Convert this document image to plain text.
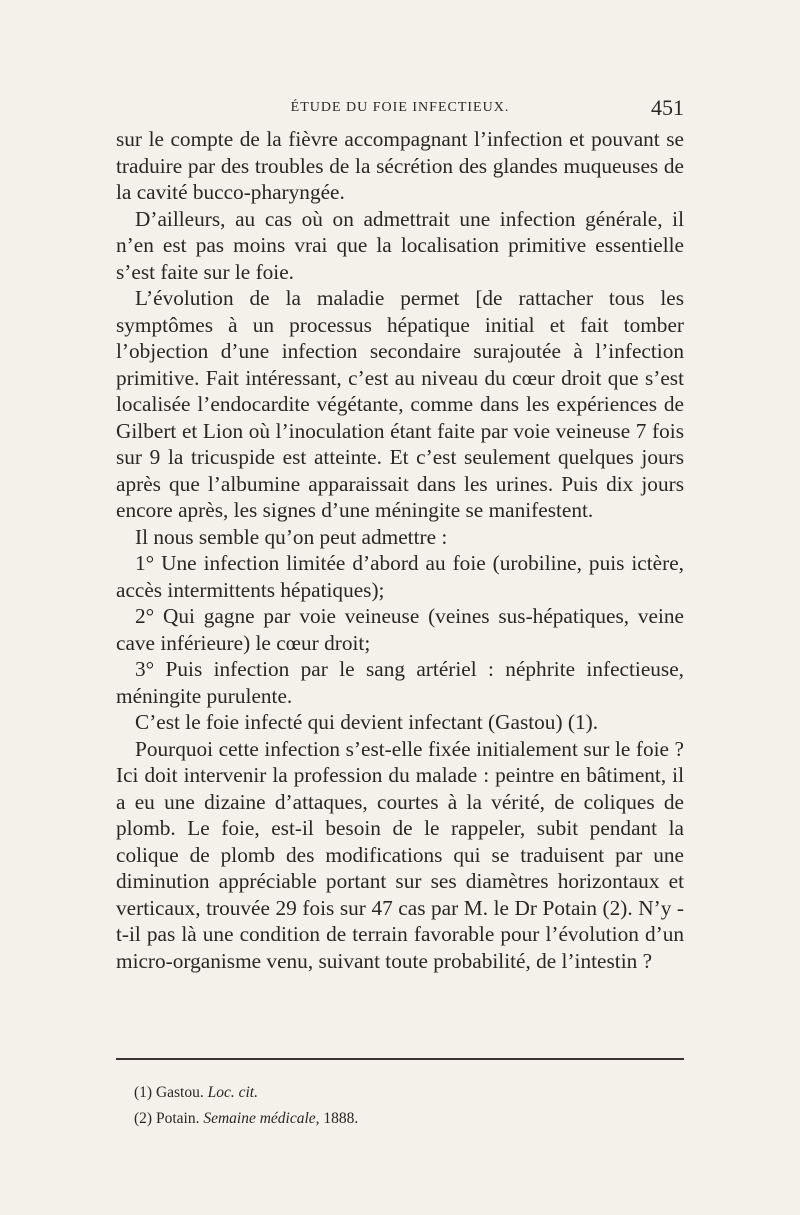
ÉTUDE DU FOIE INFECTIEUX.	451

sur le compte de la fièvre accompagnant l’infection et pouvant se traduire par des troubles de la sécrétion des glandes muqueuses de la cavité bucco-pharyngée.

D’ailleurs, au cas où on admettrait une infection générale, il n’en est pas moins vrai que la localisation primitive essentielle s’est faite sur le foie.

L’évolution de la maladie permet [de rattacher tous les symptômes à un processus hépatique initial et fait tomber l’objection d’une infection secondaire surajoutée à l’infection primitive. Fait intéressant, c’est au niveau du cœur droit que s’est localisée l’endocardite végétante, comme dans les expériences de Gilbert et Lion où l’inoculation étant faite par voie veineuse 7 fois sur 9 la tricuspide est atteinte. Et c’est seulement quelques jours après que l’albumine apparaissait dans les urines. Puis dix jours encore après, les signes d’une méningite se manifestent.

Il nous semble qu’on peut admettre :

1° Une infection limitée d’abord au foie (urobiline, puis ictère, accès intermittents hépatiques);

2° Qui gagne par voie veineuse (veines sus-hépatiques, veine cave inférieure) le cœur droit;

3° Puis infection par le sang artériel : néphrite infectieuse, méningite purulente.

C’est le foie infecté qui devient infectant (Gastou) (1).

Pourquoi cette infection s’est-elle fixée initialement sur le foie ? Ici doit intervenir la profession du malade : peintre en bâtiment, il a eu une dizaine d’attaques, courtes à la vérité, de coliques de plomb. Le foie, est-il besoin de le rappeler, subit pendant la colique de plomb des modifications qui se traduisent par une diminution appréciable portant sur ses diamètres horizontaux et verticaux, trouvée 29 fois sur 47 cas par M. le Dr Potain (2). N’y -t-il pas là une condition de terrain favorable pour l’évolution d’un micro-organisme venu, suivant toute probabilité, de l’intestin ?

(1) Gastou. Loc. cit.
(2) Potain. Semaine médicale, 1888.
